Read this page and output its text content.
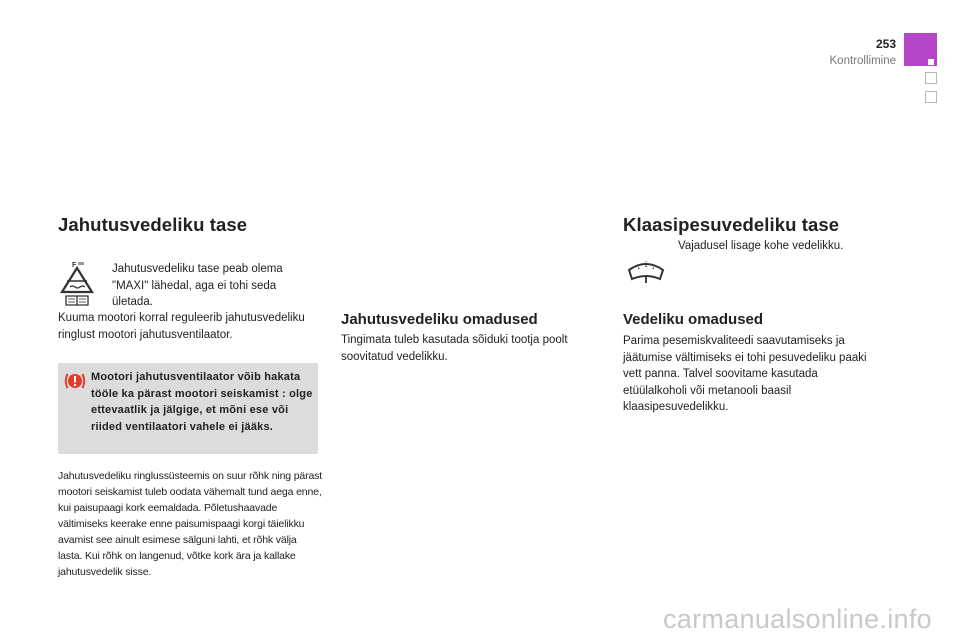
253
Kontrollimine
Jahutusvedeliku tase
F	Jahutusvedeliku tase peab olema "MAXI" lähedal, aga ei tohi seda ületada.
Kuuma mootori korral reguleerib jahutusvedeliku ringlust mootori jahutusventilaator.
Mootori jahutusventilaator võib hakata tööle ka pärast mootori seiskamist : olge ettevaatlik ja jälgige, et mõni ese või riided ventilaatori vahele ei jääks.
Jahutusvedeliku ringlussüsteemis on suur rõhk ning pärast mootori seiskamist tuleb oodata vähemalt tund aega enne, kui paisupaagi kork eemaldada. Põletushaavade vältimiseks keerake enne paisumispaagi korgi täielikku avamist see ainult esimese sälguni lahti, et rõhk välja lasta. Kui rõhk on langenud, võtke kork ära ja kallake jahutusvedelik sisse.
Jahutusvedeliku omadused
Tingimata tuleb kasutada sõiduki tootja poolt soovitatud vedelikku.
Klaasipesuvedeliku tase
Vajadusel lisage kohe vedelikku.
Vedeliku omadused
Parima pesemiskvaliteedi saavutamiseks ja jäätumise vältimiseks ei tohi pesuvedeliku paaki vett panna. Talvel soovitame kasutada etüülalkoholi või metanooli baasil klaasipesuvedelikku.
carmanualsonline.info
